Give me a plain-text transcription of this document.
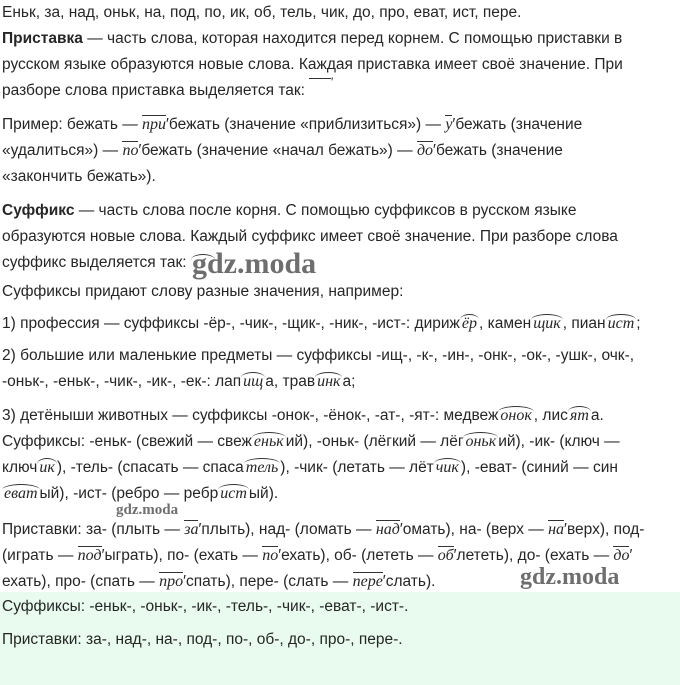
Еньк, за, над, оньк, на, под, по, ик, об, тель, чик, до, про, еват, ист, пере.

Приставка — часть слова, которая находится перед корнем. С помощью приставки в
русском языке образуются новые слова. Каждая приставка имеет своё значение. При
разборе слова приставка выделяется так: ′

Пример: бежать — при′бежать (значение «приблизиться») — у′бежать (значение
«удалиться») — по′бежать (значение «начал бежать») — до′бежать (значение
«закончить бежать»).

Суффикс — часть слова после корня. С помощью суффиксов в русском языке
образуются новые слова. Каждый суффикс имеет своё значение. При разборе слова
суффикс выделяется так:

Суффиксы придают слову разные значения, например:

1) профессия — суффиксы -ёр-, -чик-, -щик-, -ник-, -ист-: дириж ёр , камен щик , пиан ист ;

2) большие или маленькие предметы — суффиксы -ищ-, -к-, -ин-, -онк-, -ок-, -ушк-, очк-,
-оньк-, -еньк-, -чик-, -ик-, -ек-: лап ищ а, трав инк а;

3) детёныши животных — суффиксы -онок-, -ёнок-, -ат-, -ят-: медвеж онок , лис ят а.
Суффиксы: -еньк- (свежий — свеж еньк ий), -оньк- (лёгкий — лёг оньк ий), -ик- (ключ —
ключ ик ), -тель- (спасать — спаса тель ), -чик- (летать — лёт чик ), -еват- (синий — син
еват ый), -ист- (ребро — ребр ист ый).

Приставки: за- (плыть — за′плыть), над- (ломать — над′омать), на- (верх — на′верх), под-
(играть — под′ыграть), по- (ехать — по′ехать), об- (лететь — об′лететь), до- (ехать — до′
ехать), про- (спать — про′спать), пере- (слать — пере′слать).

Суффиксы: -еньк-, -оньк-, -ик-, -тель-, -чик-, -еват-, -ист-.

Приставки: за-, над-, на-, под-, по-, об-, до-, про-, пере-.

gdz.moda
gdz.moda
gdz.moda
